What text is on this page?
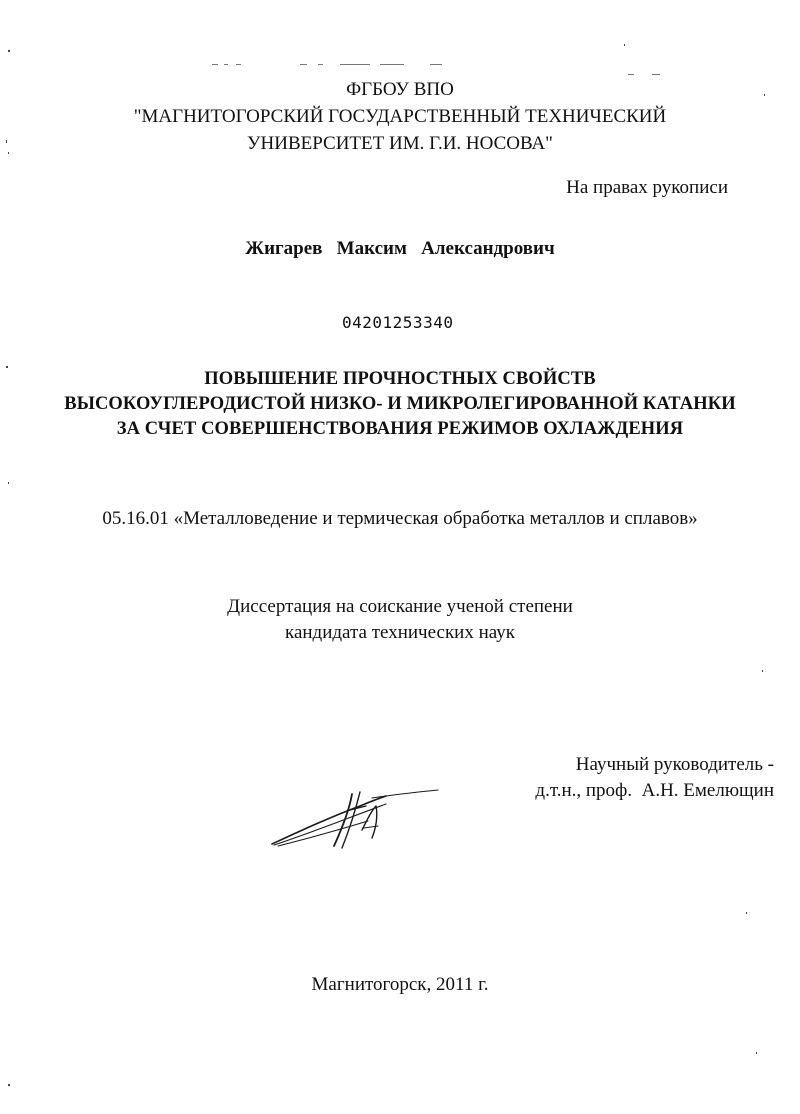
ФГБОУ ВПО
"МАГНИТОГОРСКИЙ ГОСУДАРСТВЕННЫЙ ТЕХНИЧЕСКИЙ
УНИВЕРСИТЕТ ИМ. Г.И. НОСОВА"
На правах рукописи
Жигарев Максим Александрович
04201253340
ПОВЫШЕНИЕ ПРОЧНОСТНЫХ СВОЙСТВ
ВЫСОКОУГЛЕРОДИСТОЙ НИЗКО- И МИКРОЛЕГИРОВАННОЙ КАТАНКИ
ЗА СЧЕТ СОВЕРШЕНСТВОВАНИЯ РЕЖИМОВ ОХЛАЖДЕНИЯ
05.16.01 «Металловедение и термическая обработка металлов и сплавов»
Диссертация на соискание ученой степени
кандидата технических наук
Научный руководитель -
д.т.н., проф.  А.Н. Емелющин
Магнитогорск, 2011 г.
